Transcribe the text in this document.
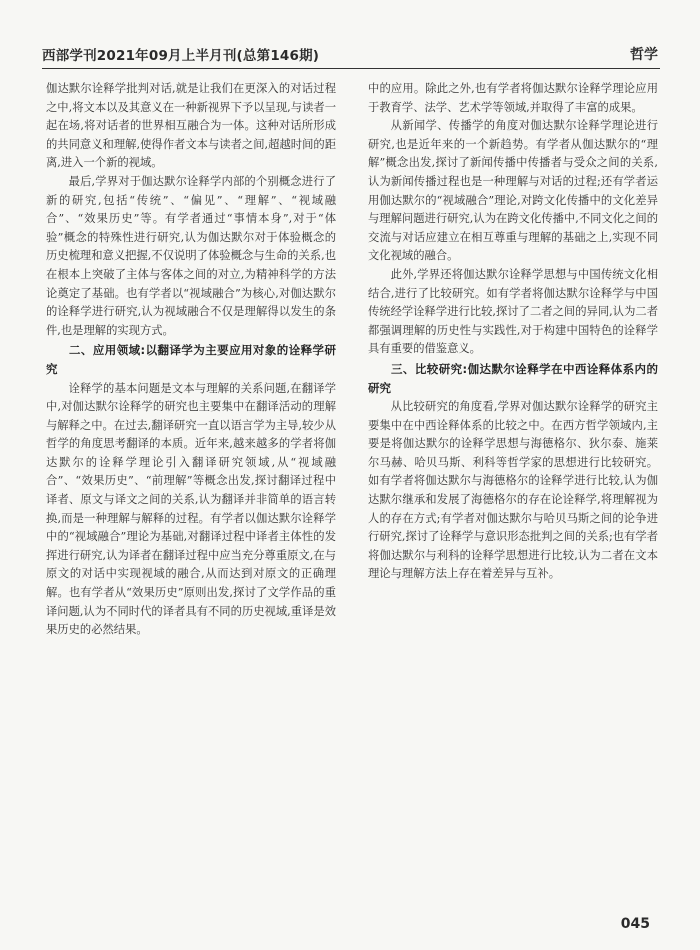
西部学刊2021年09月上半月刊(总第146期)	哲学

伽达默尔诠释学批判对话,就是让我们在更深入的对话过程之中,将文本以及其意义在一种新视界下予以呈现,与读者一起在场,将对话者的世界相互融合为一体。这种对话所形成的共同意义和理解,使得作者文本与读者之间,超越时间的距离,进入一个新的视域。

最后,学界对于伽达默尔诠释学内部的个别概念进行了新的研究,包括“传统”、“偏见”、“理解”、“视域融合”、“效果历史”等。有学者通过“事情本身”,对于“体验”概念的特殊性进行研究,认为伽达默尔对于体验概念的历史梳理和意义把握,不仅说明了体验概念与生命的关系,也在根本上突破了主体与客体之间的对立,为精神科学的方法论奠定了基础。也有学者以“视域融合”为核心,对伽达默尔的诠释学进行研究,认为视域融合不仅是理解得以发生的条件,也是理解的实现方式。

二、应用领域:以翻译学为主要应用对象的诠释学研究

诠释学的基本问题是文本与理解的关系问题,在翻译学中,对伽达默尔诠释学的研究也主要集中在翻译活动的理解与解释之中。在过去,翻译研究一直以语言学为主导,较少从哲学的角度思考翻译的本质。近年来,越来越多的学者将伽达默尔的诠释学理论引入翻译研究领域,从“视域融合”、“效果历史”、“前理解”等概念出发,探讨翻译过程中译者、原文与译文之间的关系,认为翻译并非简单的语言转换,而是一种理解与解释的过程。有学者以伽达默尔诠释学中的“视域融合”理论为基础,对翻译过程中译者主体性的发挥进行研究,认为译者在翻译过程中应当充分尊重原文,在与原文的对话中实现视域的融合,从而达到对原文的正确理解。也有学者从“效果历史”原则出发,探讨了文学作品的重译问题,认为不同时代的译者具有不同的历史视域,重译是效果历史的必然结果。

中的应用。除此之外,也有学者将伽达默尔诠释学理论应用于教育学、法学、艺术学等领域,并取得了丰富的成果。

从新闻学、传播学的角度对伽达默尔诠释学理论进行研究,也是近年来的一个新趋势。有学者从伽达默尔的“理解”概念出发,探讨了新闻传播中传播者与受众之间的关系,认为新闻传播过程也是一种理解与对话的过程;还有学者运用伽达默尔的“视域融合”理论,对跨文化传播中的文化差异与理解问题进行研究,认为在跨文化传播中,不同文化之间的交流与对话应建立在相互尊重与理解的基础之上,实现不同文化视域的融合。

此外,学界还将伽达默尔诠释学思想与中国传统文化相结合,进行了比较研究。如有学者将伽达默尔诠释学与中国传统经学诠释学进行比较,探讨了二者之间的异同,认为二者都强调理解的历史性与实践性,对于构建中国特色的诠释学具有重要的借鉴意义。

三、比较研究:伽达默尔诠释学在中西诠释体系内的研究

从比较研究的角度看,学界对伽达默尔诠释学的研究主要集中在中西诠释体系的比较之中。在西方哲学领域内,主要是将伽达默尔的诠释学思想与海德格尔、狄尔泰、施莱尔马赫、哈贝马斯、利科等哲学家的思想进行比较研究。如有学者将伽达默尔与海德格尔的诠释学进行比较,认为伽达默尔继承和发展了海德格尔的存在论诠释学,将理解视为人的存在方式;有学者对伽达默尔与哈贝马斯之间的论争进行研究,探讨了诠释学与意识形态批判之间的关系;也有学者将伽达默尔与利科的诠释学思想进行比较,认为二者在文本理论与理解方法上存在着差异与互补。

045
